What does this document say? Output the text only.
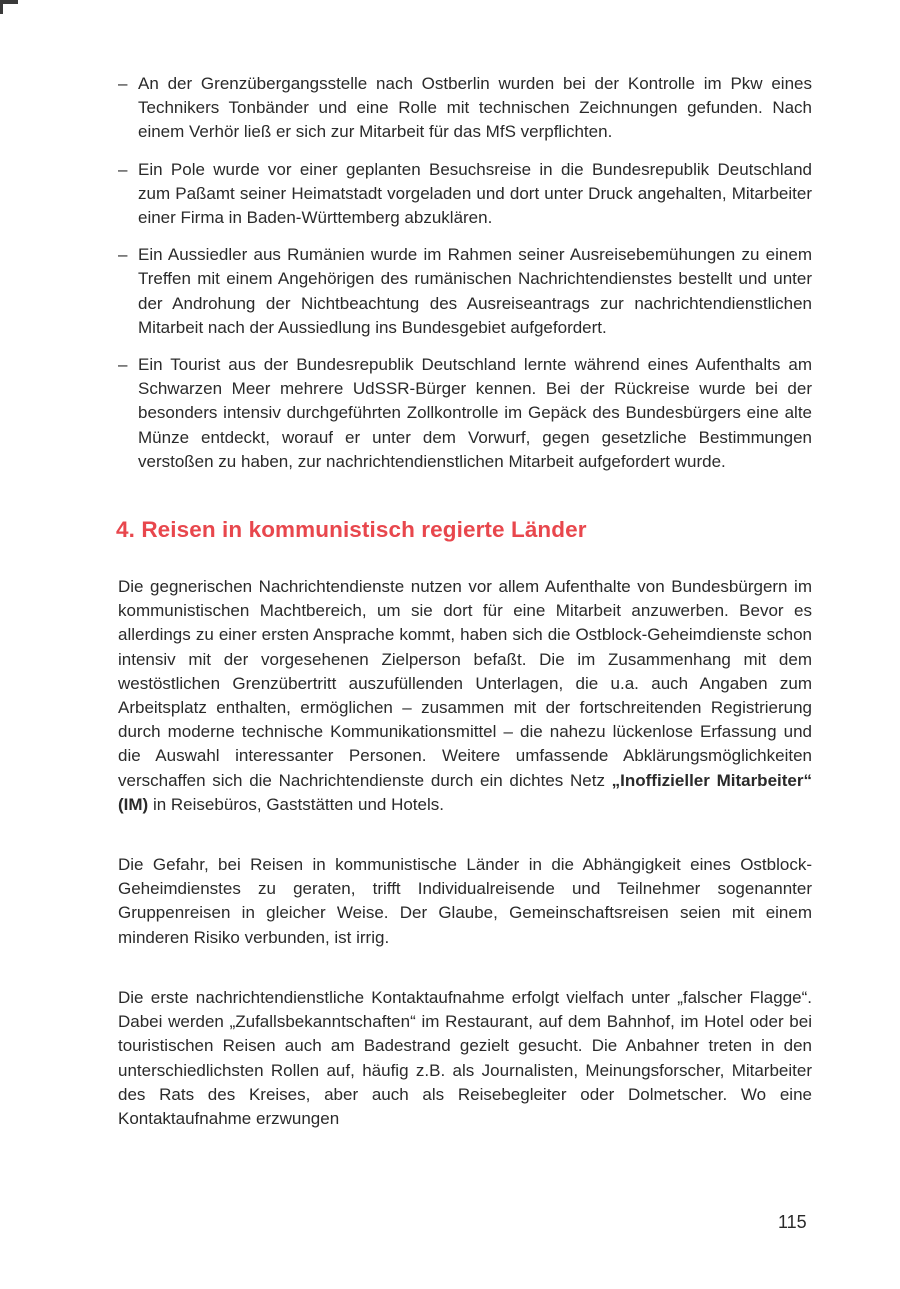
– An der Grenzübergangsstelle nach Ostberlin wurden bei der Kontrolle im Pkw eines Technikers Tonbänder und eine Rolle mit technischen Zeichnungen gefunden. Nach einem Verhör ließ er sich zur Mitarbeit für das MfS verpflichten.
– Ein Pole wurde vor einer geplanten Besuchsreise in die Bundesrepublik Deutschland zum Paßamt seiner Heimatstadt vorgeladen und dort unter Druck angehalten, Mitarbeiter einer Firma in Baden-Württemberg abzuklären.
– Ein Aussiedler aus Rumänien wurde im Rahmen seiner Ausreisebemühungen zu einem Treffen mit einem Angehörigen des rumänischen Nachrichtendienstes bestellt und unter der Androhung der Nichtbeachtung des Ausreiseantrags zur nachrichtendienstlichen Mitarbeit nach der Aussiedlung ins Bundesgebiet aufgefordert.
– Ein Tourist aus der Bundesrepublik Deutschland lernte während eines Aufenthalts am Schwarzen Meer mehrere UdSSR-Bürger kennen. Bei der Rückreise wurde bei der besonders intensiv durchgeführten Zollkontrolle im Gepäck des Bundesbürgers eine alte Münze entdeckt, worauf er unter dem Vorwurf, gegen gesetzliche Bestimmungen verstoßen zu haben, zur nachrichtendienstlichen Mitarbeit aufgefordert wurde.
4. Reisen in kommunistisch regierte Länder

Die gegnerischen Nachrichtendienste nutzen vor allem Aufenthalte von Bundesbürgern im kommunistischen Machtbereich, um sie dort für eine Mitarbeit anzuwerben. Bevor es allerdings zu einer ersten Ansprache kommt, haben sich die Ostblock-Geheimdienste schon intensiv mit der vorgesehenen Zielperson befaßt. Die im Zusammenhang mit dem westöstlichen Grenzübertritt auszufüllenden Unterlagen, die u.a. auch Angaben zum Arbeitsplatz enthalten, ermöglichen – zusammen mit der fortschreitenden Registrierung durch moderne technische Kommunikationsmittel – die nahezu lückenlose Erfassung und die Auswahl interessanter Personen. Weitere umfassende Abklärungsmöglichkeiten verschaffen sich die Nachrichtendienste durch ein dichtes Netz „Inoffizieller Mitarbeiter“ (IM) in Reisebüros, Gaststätten und Hotels.

Die Gefahr, bei Reisen in kommunistische Länder in die Abhängigkeit eines Ostblock-Geheimdienstes zu geraten, trifft Individualreisende und Teilnehmer sogenannter Gruppenreisen in gleicher Weise. Der Glaube, Gemeinschaftsreisen seien mit einem minderen Risiko verbunden, ist irrig.

Die erste nachrichtendienstliche Kontaktaufnahme erfolgt vielfach unter „falscher Flagge“. Dabei werden „Zufallsbekanntschaften“ im Restaurant, auf dem Bahnhof, im Hotel oder bei touristischen Reisen auch am Badestrand gezielt gesucht. Die Anbahner treten in den unterschiedlichsten Rollen auf, häufig z.B. als Journalisten, Meinungsforscher, Mitarbeiter des Rats des Kreises, aber auch als Reisebegleiter oder Dolmetscher. Wo eine Kontaktaufnahme erzwungen

115
